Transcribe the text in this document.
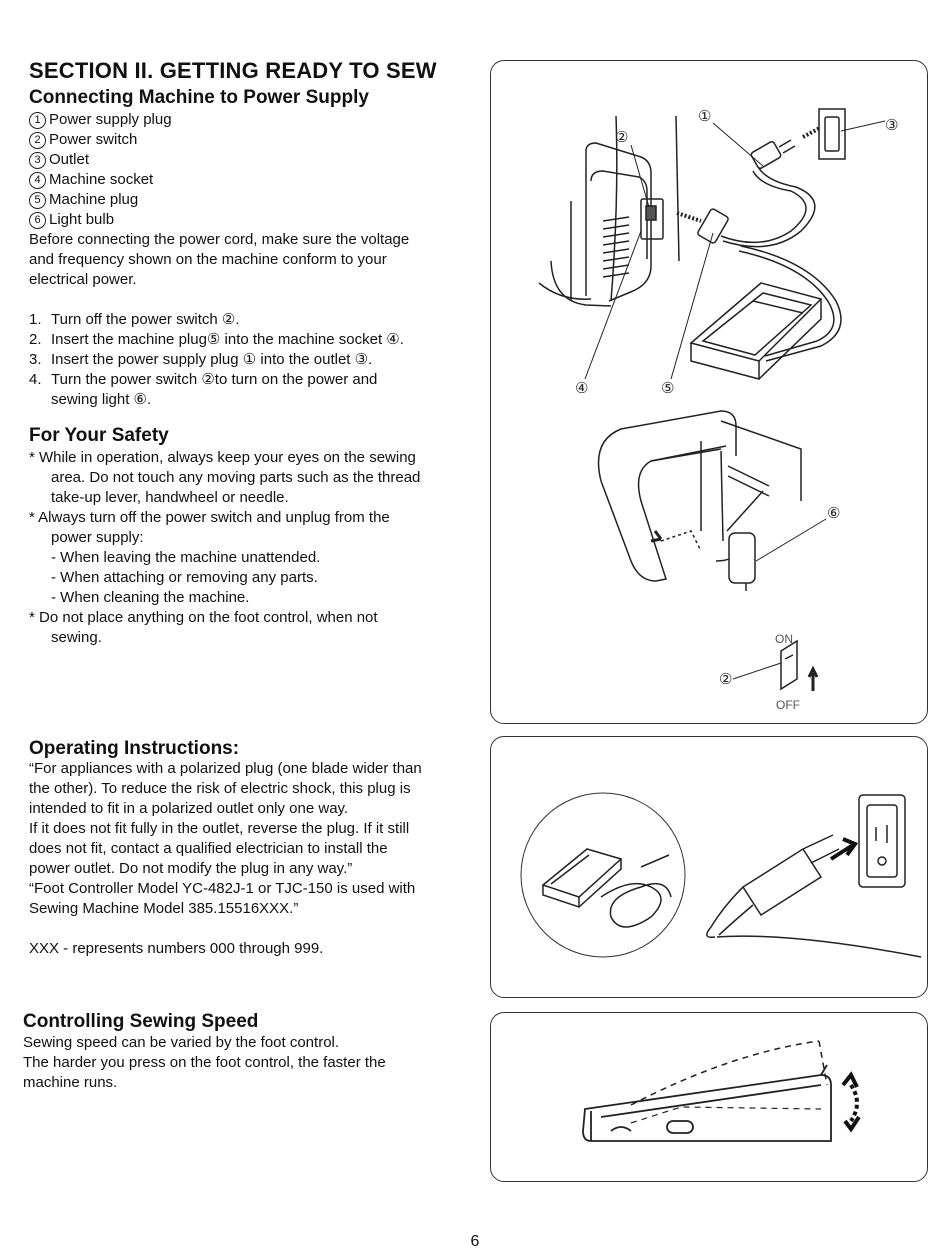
SECTION II. GETTING READY TO SEW
Connecting Machine to Power Supply
1 Power supply plug
2 Power switch
3 Outlet
4 Machine socket
5 Machine plug
6 Light bulb
Before connecting the power cord, make sure the voltage
and frequency shown on the machine conform to your
electrical power.
1. Turn off the power switch ②.
2. Insert the machine plug⑤ into the machine socket ④.
3. Insert the power supply plug ① into the outlet ③.
4. Turn the power switch ②to turn on the power and
sewing light ⑥.
For Your Safety
* While in operation, always keep your eyes on the sewing
area. Do not touch any moving parts such as the thread
take-up lever, handwheel or needle.
* Always turn off the power switch and unplug from the
power supply:
- When leaving the machine unattended.
- When attaching or removing any parts.
- When cleaning the machine.
* Do not place anything on the foot control, when not
sewing.
Operating Instructions:
“For appliances with a polarized plug (one blade wider than
the other). To reduce the risk of electric shock, this plug is
intended to fit in a polarized outlet only one way.
If it does not fit fully in the outlet, reverse the plug. If it still
does not fit, contact a qualified electrician to install the
power outlet. Do not modify the plug in any way.”
“Foot Controller Model YC-482J-1 or TJC-150 is used with
Sewing Machine Model 385.15516XXX.”
XXX - represents numbers 000 through 999.
Controlling Sewing Speed
Sewing speed can be varied by the foot control.
The harder you press on the foot control, the faster the
machine runs.
6
①
②
③
④	⑤
⑥
②
ON
OFF
